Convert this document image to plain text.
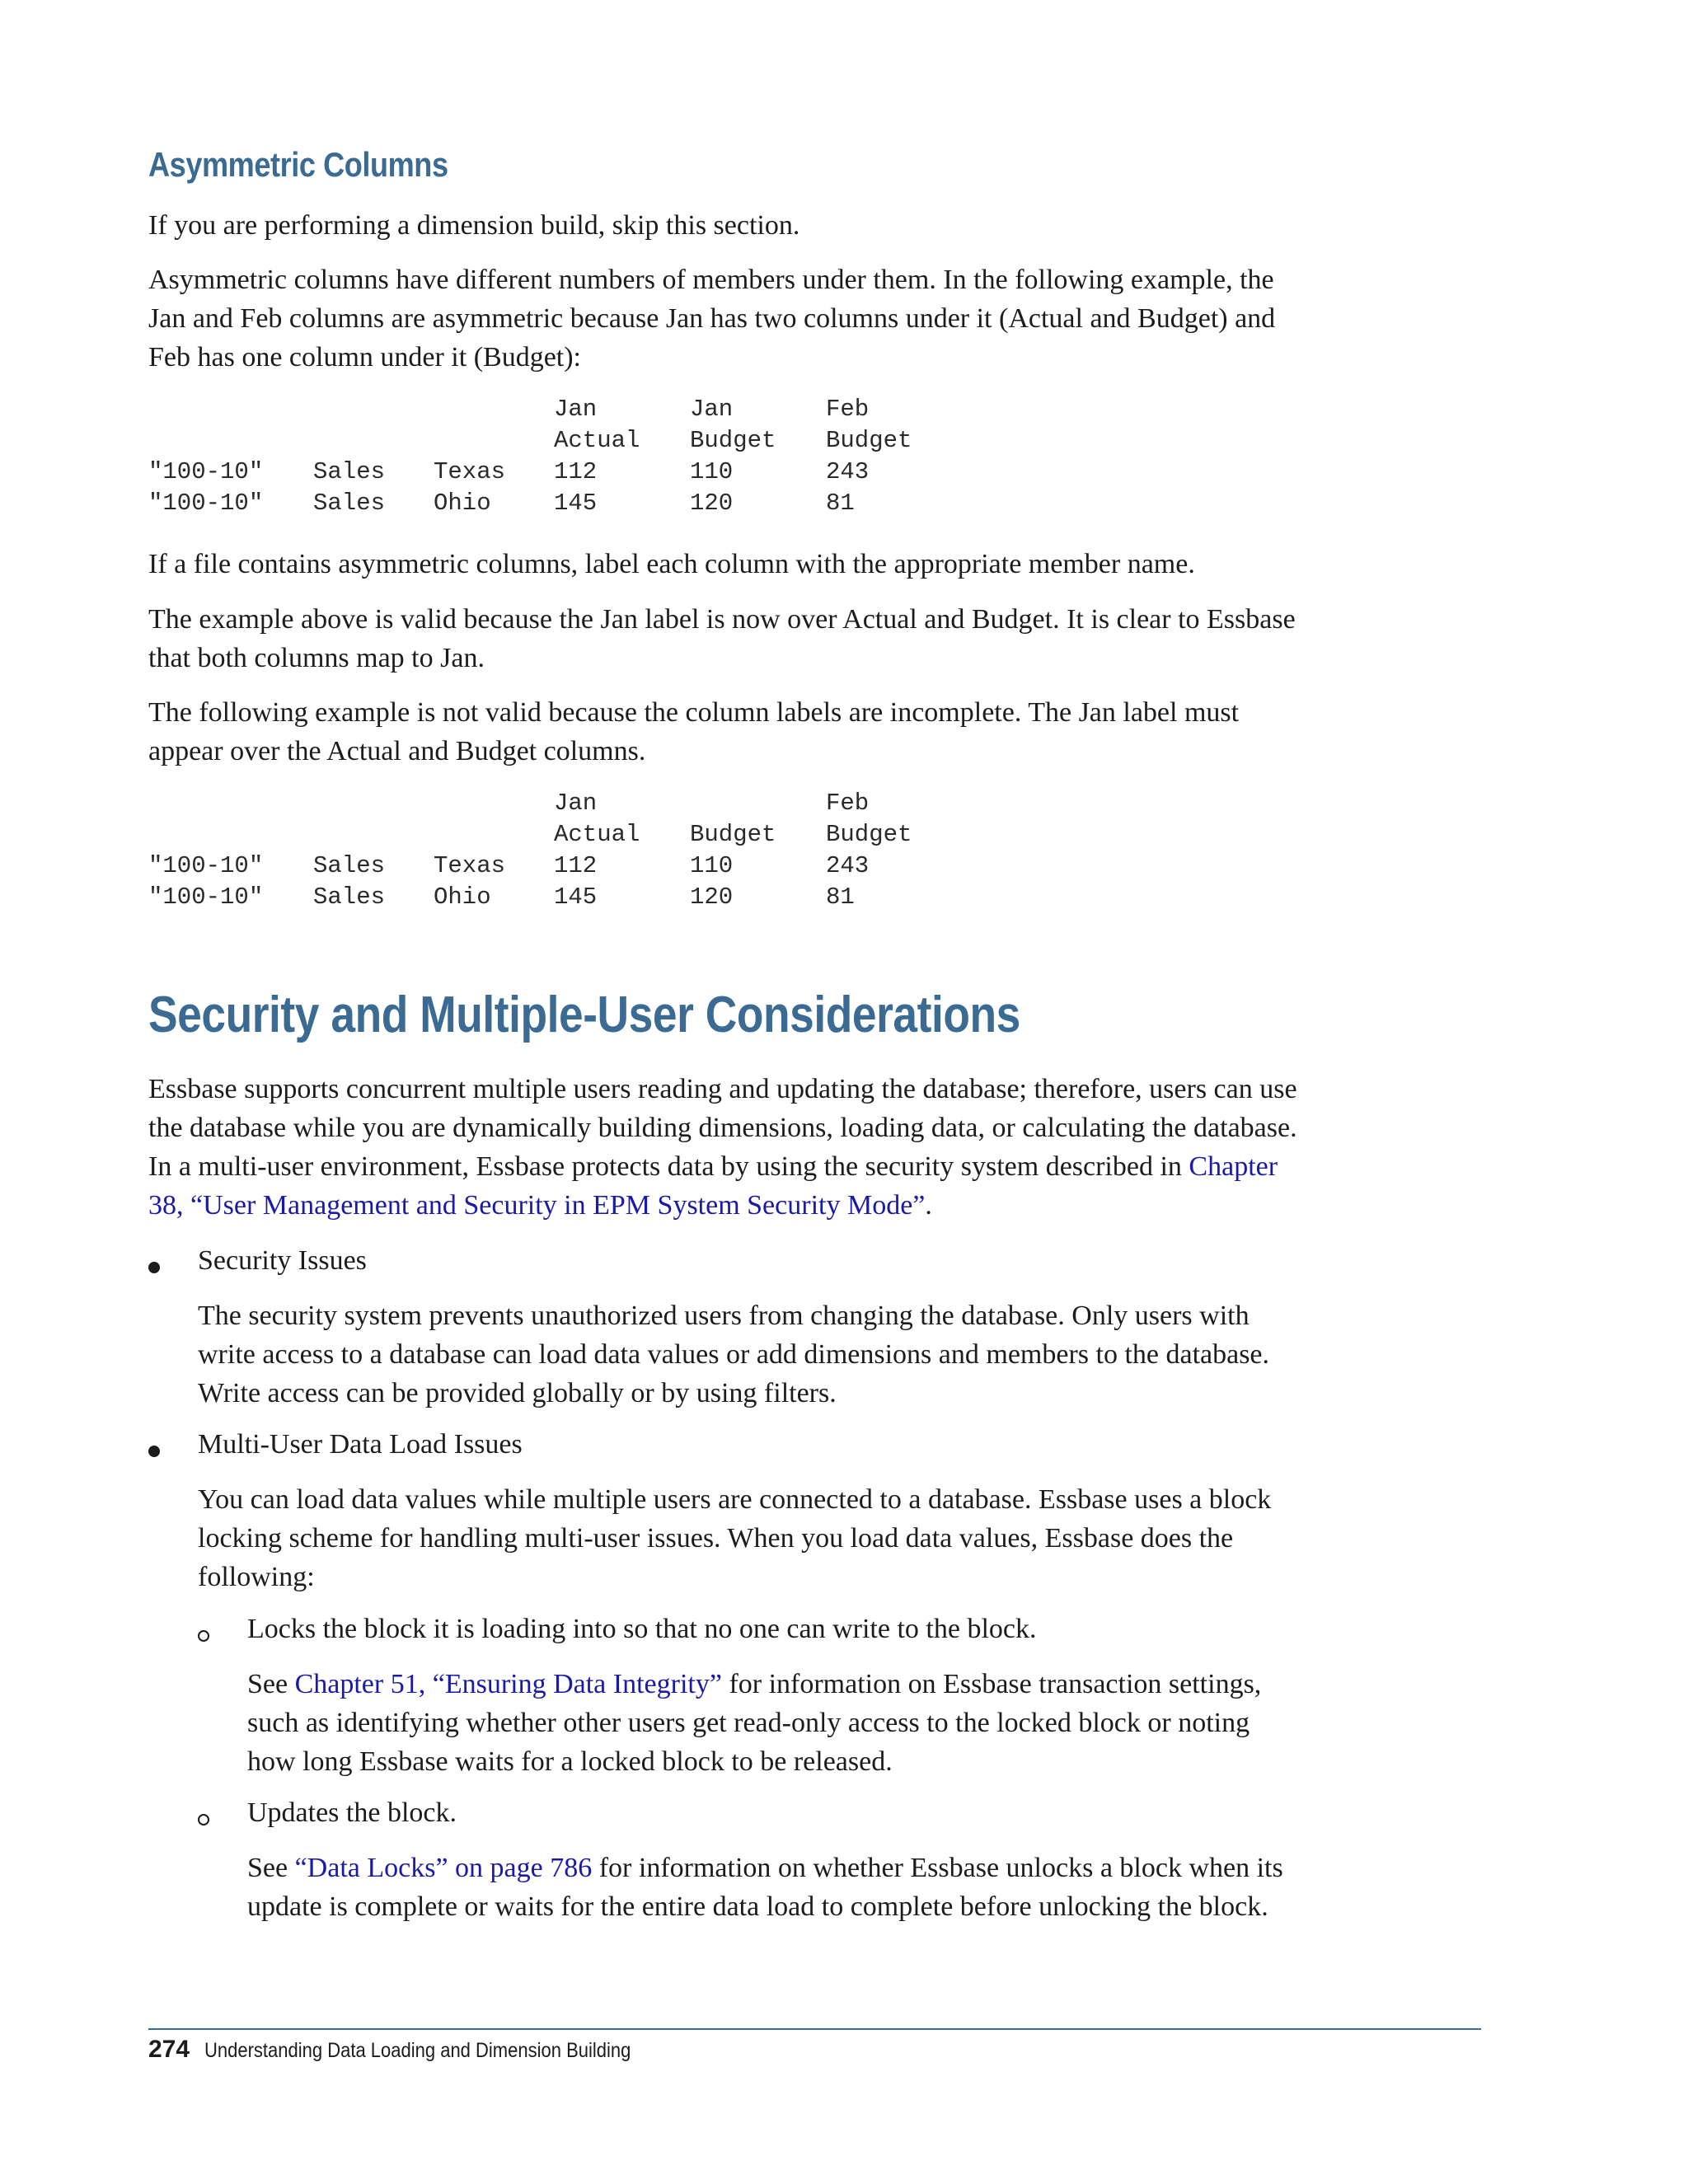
Asymmetric Columns

If you are performing a dimension build, skip this section.

Asymmetric columns have different numbers of members under them. In the following example, the Jan and Feb columns are asymmetric because Jan has two columns under it (Actual and Budget) and Feb has one column under it (Budget):

			Jan	Jan	Feb
			Actual	Budget	Budget
"100-10"	Sales	Texas	112	110	243
"100-10"	Sales	Ohio	145	120	81

If a file contains asymmetric columns, label each column with the appropriate member name.

The example above is valid because the Jan label is now over Actual and Budget. It is clear to Essbase that both columns map to Jan.

The following example is not valid because the column labels are incomplete. The Jan label must appear over the Actual and Budget columns.

			Jan		Feb
			Actual	Budget	Budget
"100-10"	Sales	Texas	112	110	243
"100-10"	Sales	Ohio	145	120	81
Security and Multiple-User Considerations

Essbase supports concurrent multiple users reading and updating the database; therefore, users can use the database while you are dynamically building dimensions, loading data, or calculating the database. In a multi-user environment, Essbase protects data by using the security system described in Chapter 38, “User Management and Security in EPM System Security Mode”.

Security Issues

The security system prevents unauthorized users from changing the database. Only users with write access to a database can load data values or add dimensions and members to the database. Write access can be provided globally or by using filters.

Multi-User Data Load Issues

You can load data values while multiple users are connected to a database. Essbase uses a block locking scheme for handling multi-user issues. When you load data values, Essbase does the following:

Locks the block it is loading into so that no one can write to the block.

See Chapter 51, “Ensuring Data Integrity” for information on Essbase transaction settings, such as identifying whether other users get read-only access to the locked block or noting how long Essbase waits for a locked block to be released.

Updates the block.

See “Data Locks” on page 786 for information on whether Essbase unlocks a block when its update is complete or waits for the entire data load to complete before unlocking the block.

274 Understanding Data Loading and Dimension Building
